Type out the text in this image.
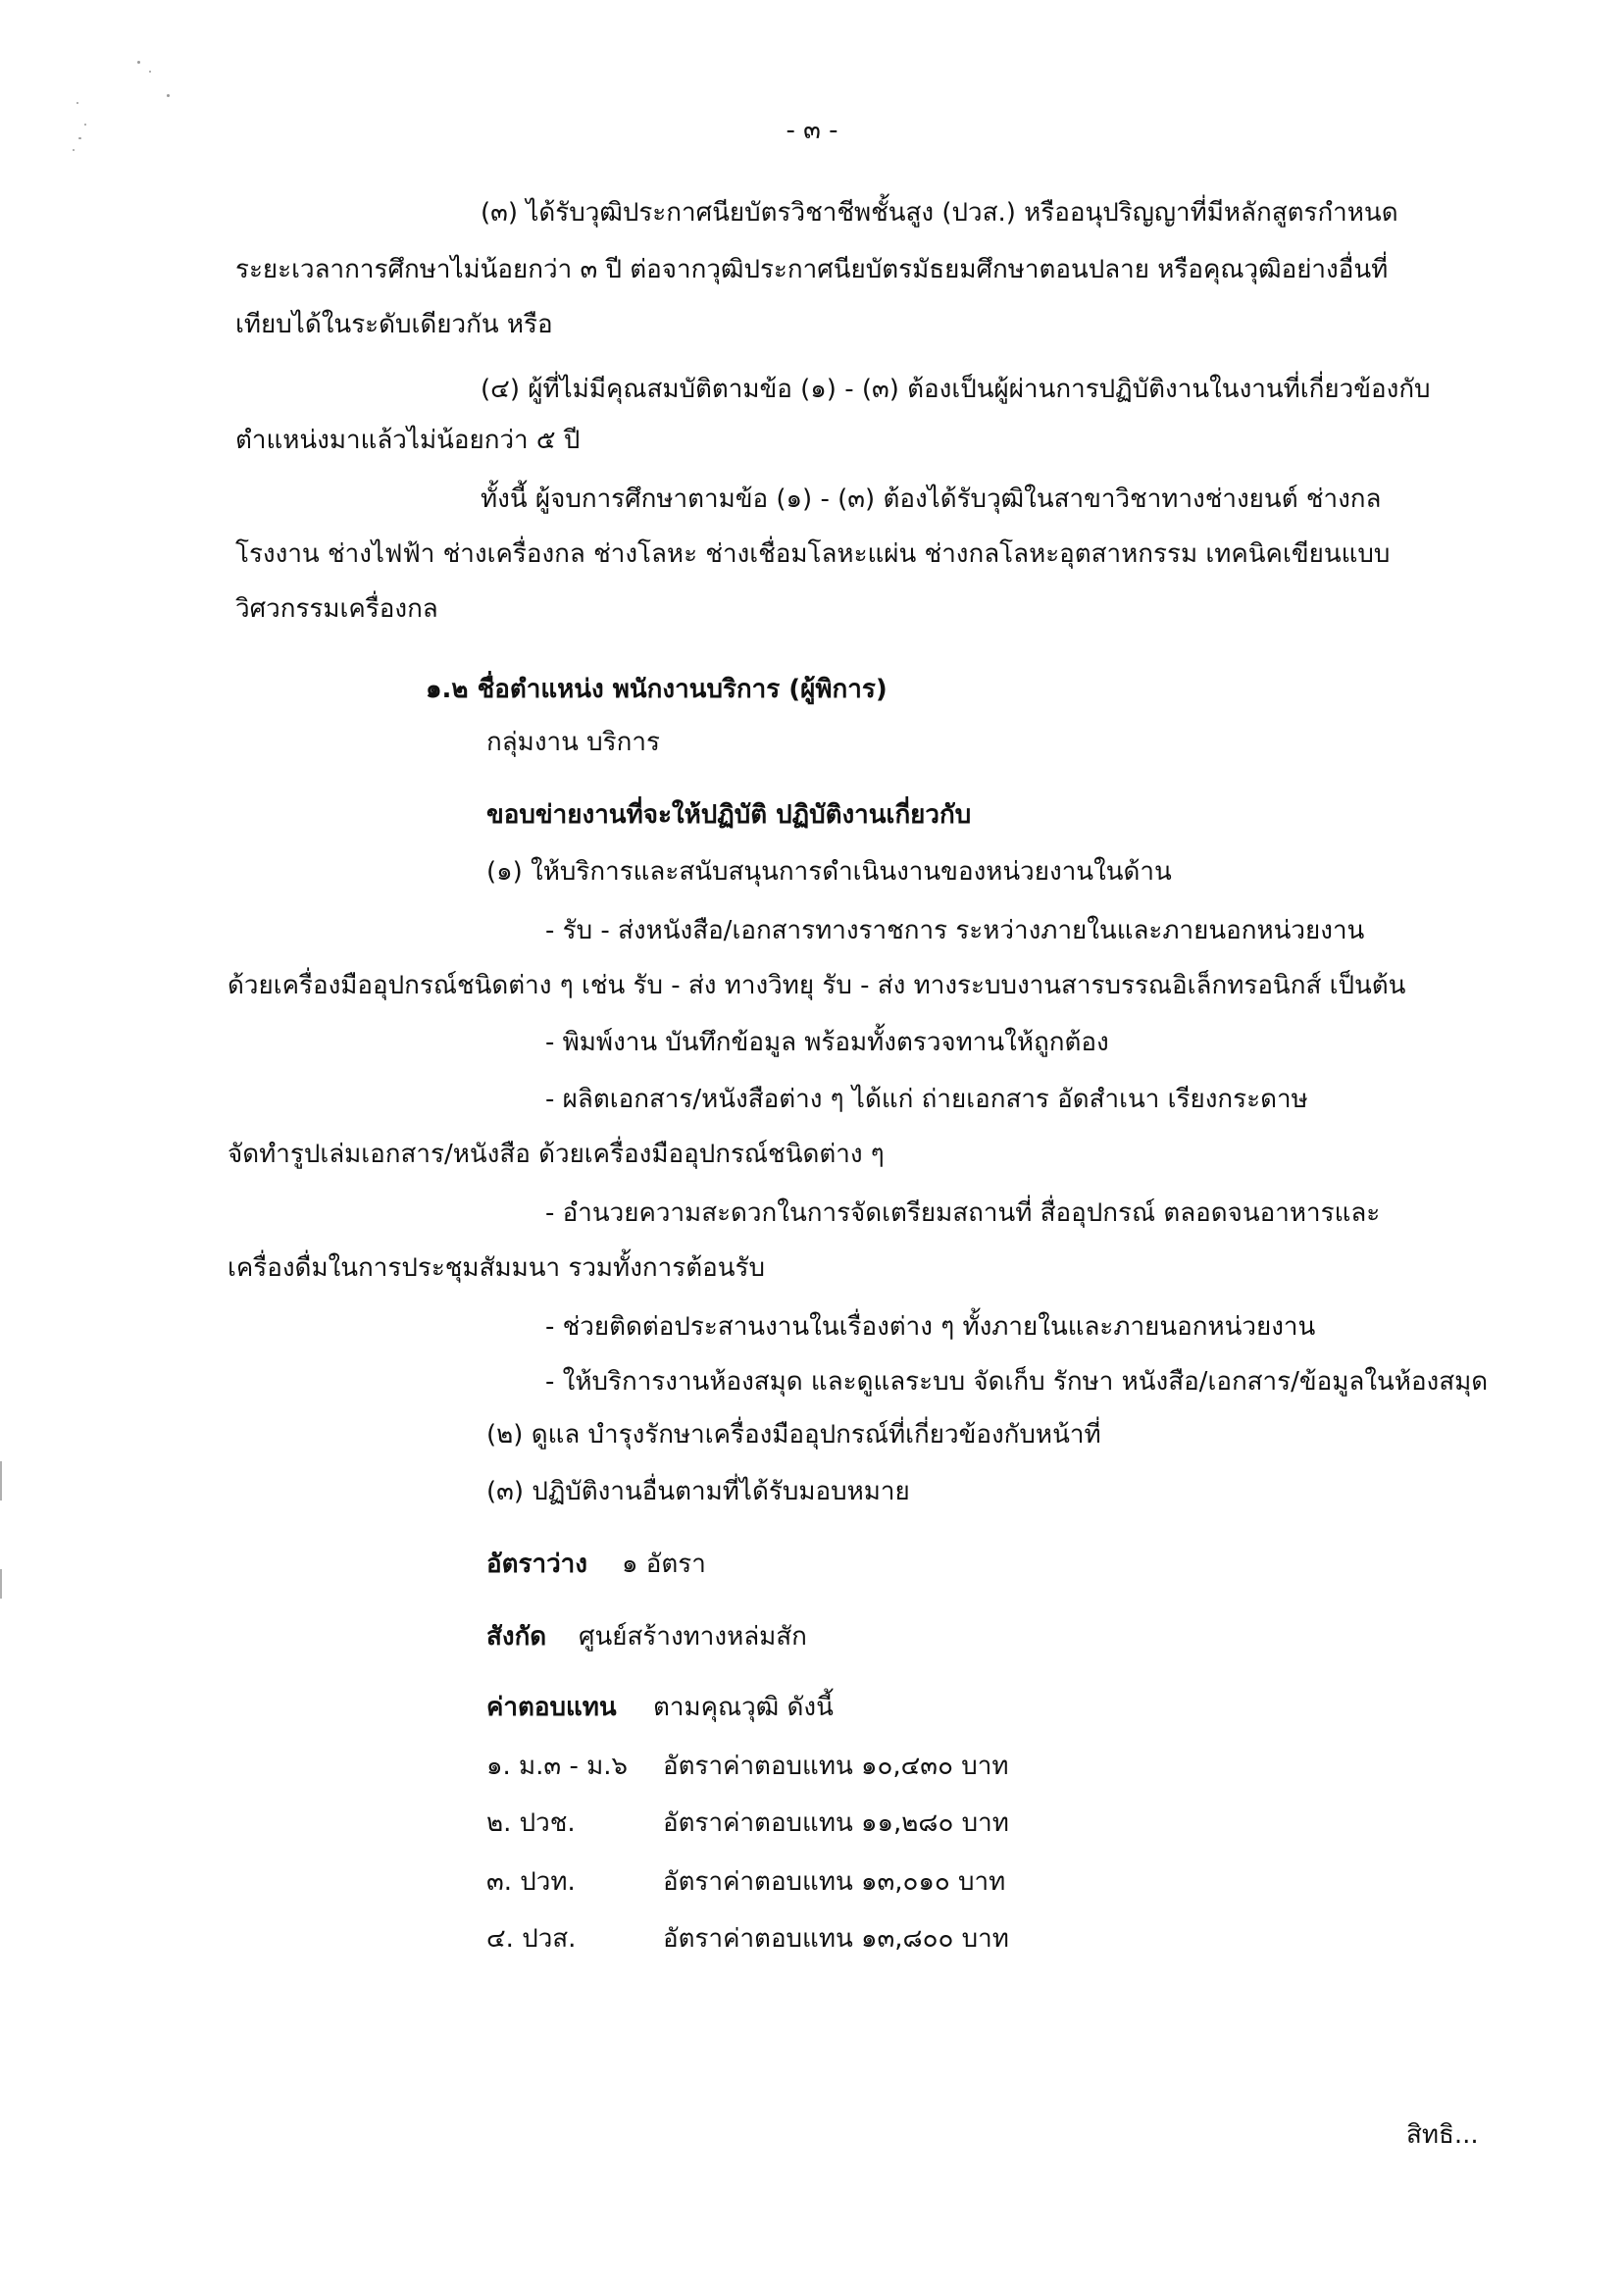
- ๓ -
(๓) ได้รับวุฒิประกาศนียบัตรวิชาชีพชั้นสูง (ปวส.) หรืออนุปริญญาที่มีหลักสูตรกำหนด
ระยะเวลาการศึกษาไม่น้อยกว่า ๓ ปี ต่อจากวุฒิประกาศนียบัตรมัธยมศึกษาตอนปลาย หรือคุณวุฒิอย่างอื่นที่
เทียบได้ในระดับเดียวกัน หรือ
(๔) ผู้ที่ไม่มีคุณสมบัติตามข้อ (๑) - (๓) ต้องเป็นผู้ผ่านการปฏิบัติงานในงานที่เกี่ยวข้องกับ
ตำแหน่งมาแล้วไม่น้อยกว่า ๕ ปี
ทั้งนี้ ผู้จบการศึกษาตามข้อ (๑) - (๓) ต้องได้รับวุฒิในสาขาวิชาทางช่างยนต์ ช่างกล
โรงงาน ช่างไฟฟ้า ช่างเครื่องกล ช่างโลหะ ช่างเชื่อมโลหะแผ่น ช่างกลโลหะอุตสาหกรรม เทคนิคเขียนแบบ
วิศวกรรมเครื่องกล
๑.๒ ชื่อตำแหน่ง พนักงานบริการ (ผู้พิการ)
กลุ่มงาน บริการ
ขอบข่ายงานที่จะให้ปฏิบัติ ปฏิบัติงานเกี่ยวกับ
(๑) ให้บริการและสนับสนุนการดำเนินงานของหน่วยงานในด้าน
- รับ - ส่งหนังสือ/เอกสารทางราชการ ระหว่างภายในและภายนอกหน่วยงาน
ด้วยเครื่องมืออุปกรณ์ชนิดต่าง ๆ เช่น รับ - ส่ง ทางวิทยุ รับ - ส่ง ทางระบบงานสารบรรณอิเล็กทรอนิกส์ เป็นต้น
- พิมพ์งาน บันทึกข้อมูล พร้อมทั้งตรวจทานให้ถูกต้อง
- ผลิตเอกสาร/หนังสือต่าง ๆ ได้แก่ ถ่ายเอกสาร อัดสำเนา เรียงกระดาษ
จัดทำรูปเล่มเอกสาร/หนังสือ ด้วยเครื่องมืออุปกรณ์ชนิดต่าง ๆ
- อำนวยความสะดวกในการจัดเตรียมสถานที่ สื่ออุปกรณ์ ตลอดจนอาหารและ
เครื่องดื่มในการประชุมสัมมนา รวมทั้งการต้อนรับ
- ช่วยติดต่อประสานงานในเรื่องต่าง ๆ ทั้งภายในและภายนอกหน่วยงาน
- ให้บริการงานห้องสมุด และดูแลระบบ จัดเก็บ รักษา หนังสือ/เอกสาร/ข้อมูลในห้องสมุด
(๒) ดูแล บำรุงรักษาเครื่องมืออุปกรณ์ที่เกี่ยวข้องกับหน้าที่
(๓) ปฏิบัติงานอื่นตามที่ได้รับมอบหมาย
อัตราว่าง ๑ อัตรา
สังกัด ศูนย์สร้างทางหล่มสัก
ค่าตอบแทน ตามคุณวุฒิ ดังนี้
๑. ม.๓ - ม.๖ อัตราค่าตอบแทน ๑๐,๔๓๐ บาท
๒. ปวช.	อัตราค่าตอบแทน ๑๑,๒๘๐ บาท
๓. ปวท.	อัตราค่าตอบแทน ๑๓,๐๑๐ บาท
๔. ปวส.	อัตราค่าตอบแทน ๑๓,๘๐๐ บาท
สิทธิ...
